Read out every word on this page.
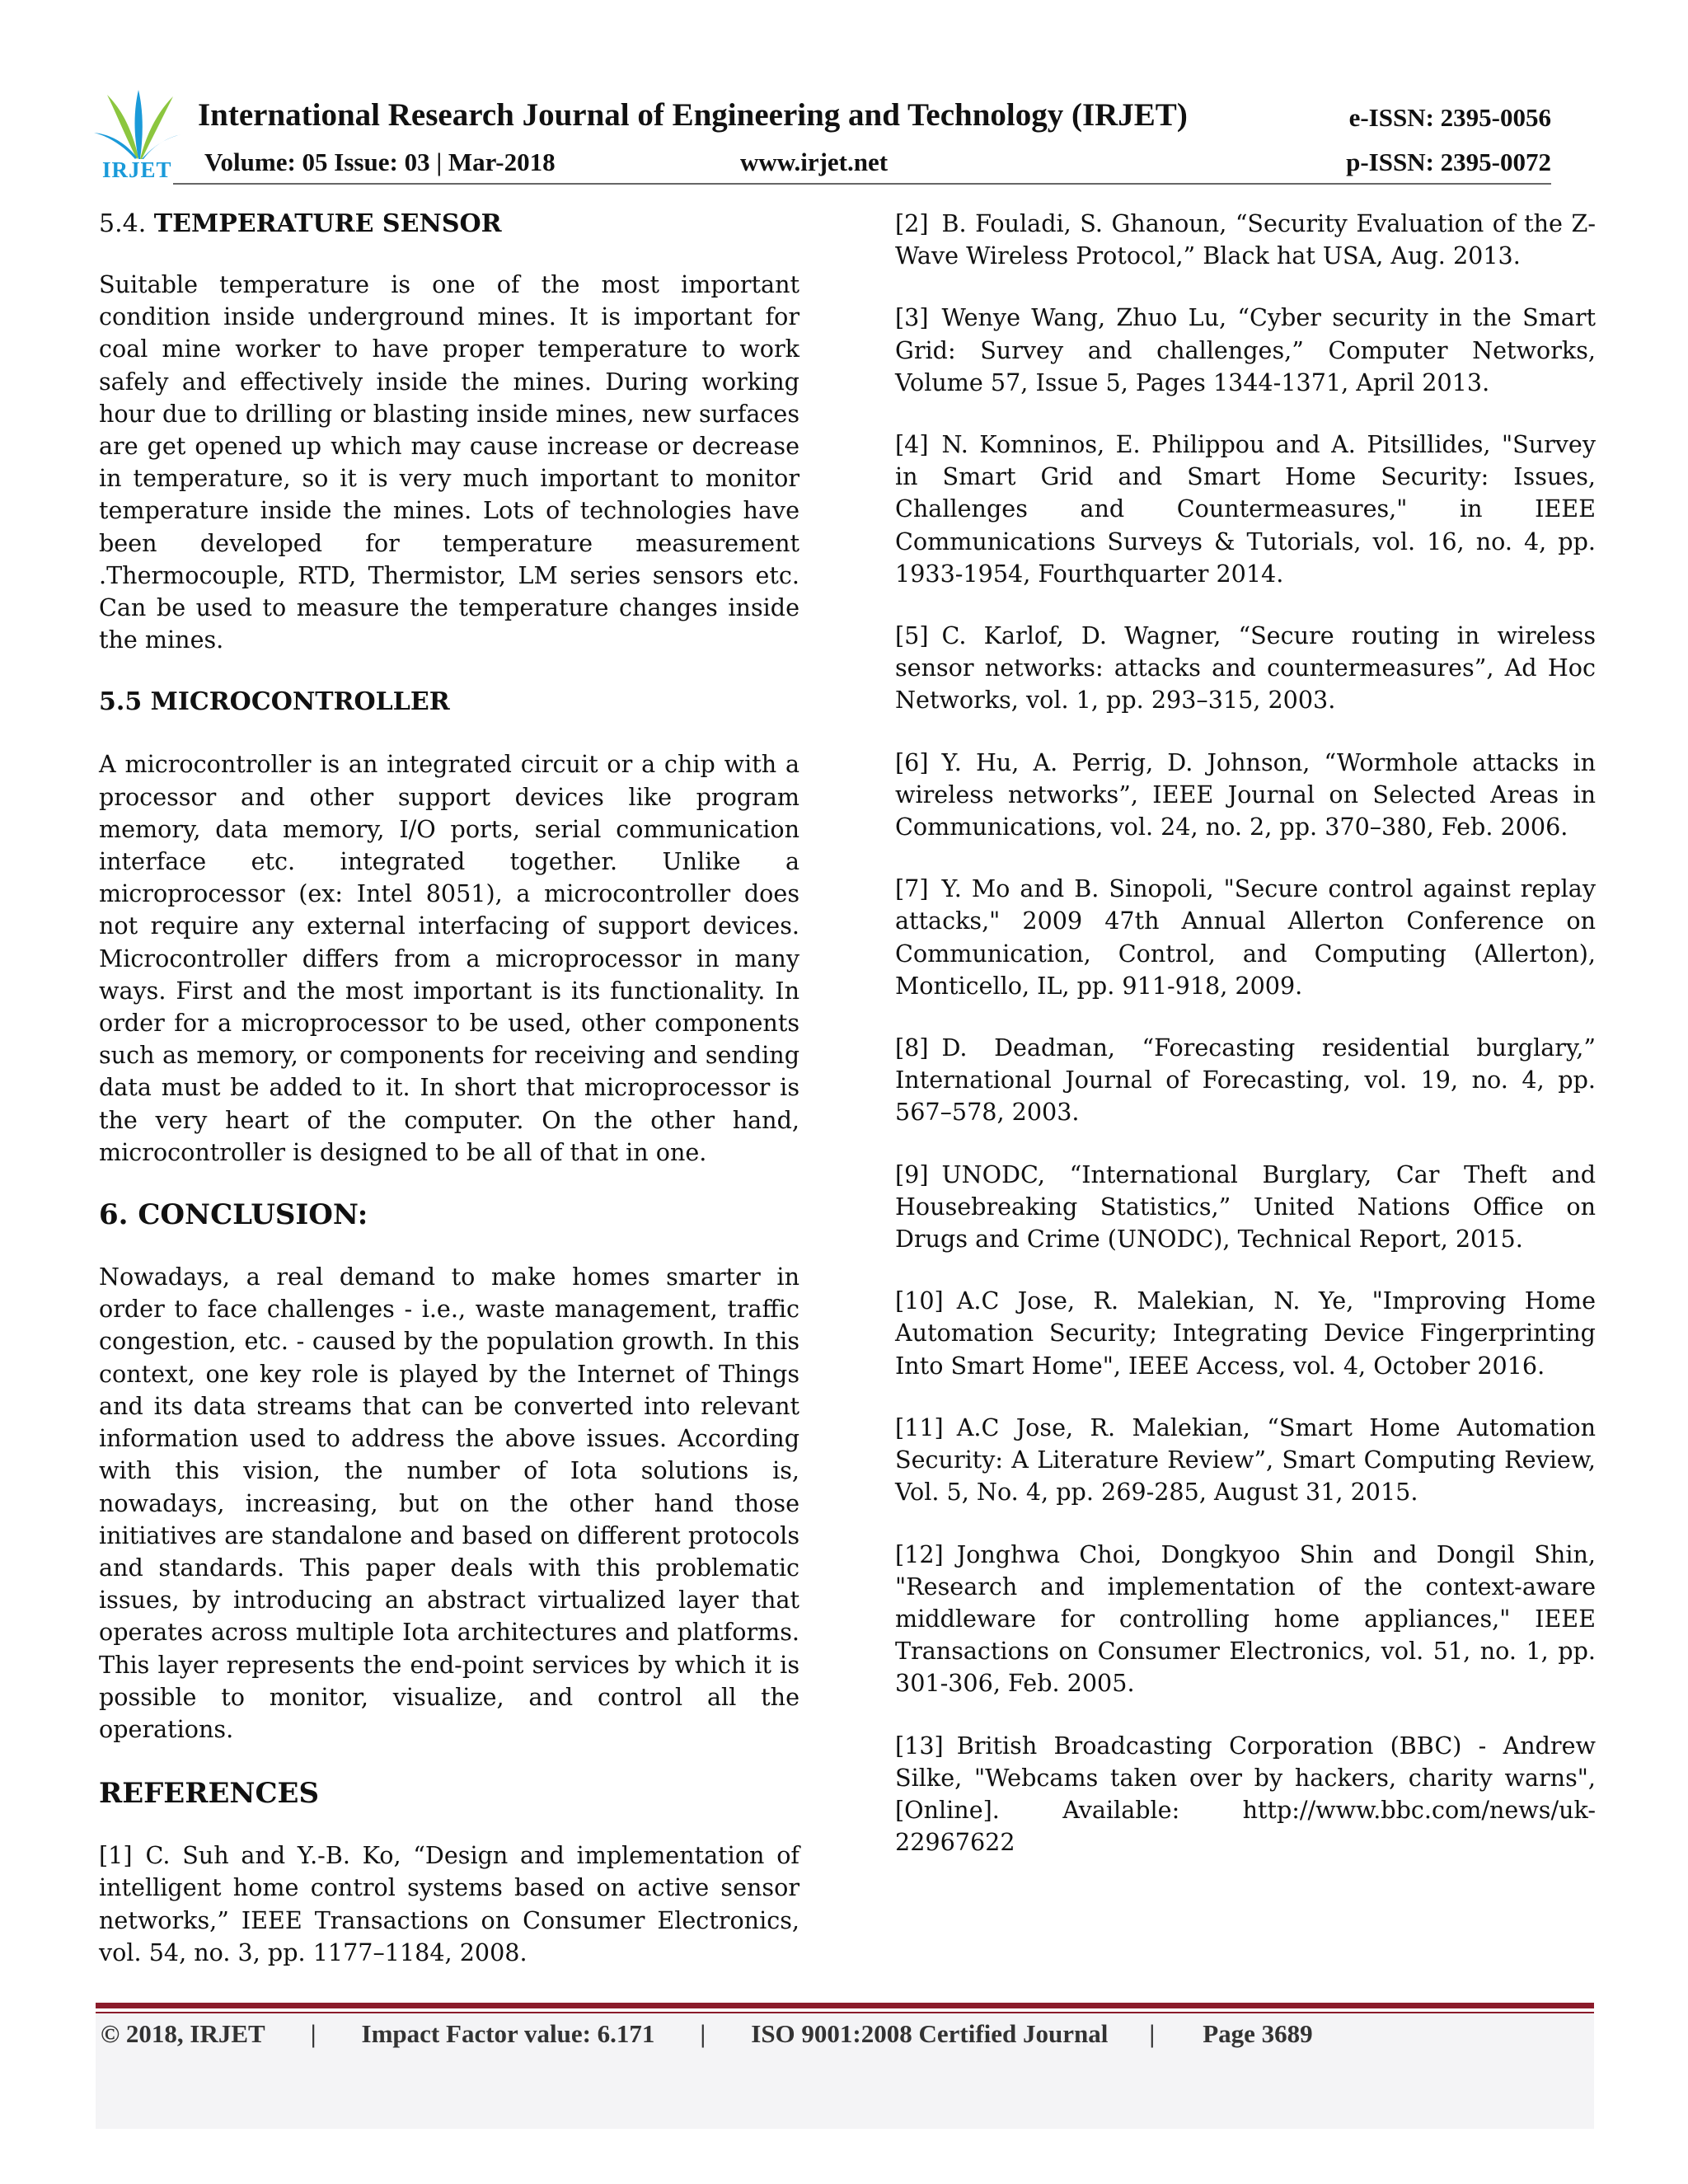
IRJET
International Research Journal of Engineering and Technology (IRJET)	e-ISSN: 2395-0056
Volume: 05 Issue: 03 | Mar-2018	www.irjet.net	p-ISSN: 2395-0072
5.4. TEMPERATURE SENSOR

Suitable temperature is one of the most important condition inside underground mines. It is important for coal mine worker to have proper temperature to work safely and effectively inside the mines. During working hour due to drilling or blasting inside mines, new surfaces are get opened up which may cause increase or decrease in temperature, so it is very much important to monitor temperature inside the mines. Lots of technologies have been developed for temperature measurement .Thermocouple, RTD, Thermistor, LM series sensors etc. Can be used to measure the temperature changes inside the mines.

5.5 MICROCONTROLLER

A microcontroller is an integrated circuit or a chip with a processor and other support devices like program memory, data memory, I/O ports, serial communication interface etc. integrated together. Unlike a microprocessor (ex: Intel 8051), a microcontroller does not require any external interfacing of support devices. Microcontroller differs from a microprocessor in many ways. First and the most important is its functionality. In order for a microprocessor to be used, other components such as memory, or components for receiving and sending data must be added to it. In short that microprocessor is the very heart of the computer. On the other hand, microcontroller is designed to be all of that in one.

6. CONCLUSION:

Nowadays, a real demand to make homes smarter in order to face challenges - i.e., waste management, traffic congestion, etc. - caused by the population growth. In this context, one key role is played by the Internet of Things and its data streams that can be converted into relevant information used to address the above issues. According with this vision, the number of Iota solutions is, nowadays, increasing, but on the other hand those initiatives are standalone and based on different protocols and standards. This paper deals with this problematic issues, by introducing an abstract virtualized layer that operates across multiple Iota architectures and platforms. This layer represents the end-point services by which it is possible to monitor, visualize, and control all the operations.

REFERENCES

[1] C. Suh and Y.-B. Ko, “Design and implementation of intelligent home control systems based on active sensor networks,” IEEE Transactions on Consumer Electronics, vol. 54, no. 3, pp. 1177–1184, 2008.

[2] B. Fouladi, S. Ghanoun, “Security Evaluation of the Z-Wave Wireless Protocol,” Black hat USA, Aug. 2013.

[3] Wenye Wang, Zhuo Lu, “Cyber security in the Smart Grid: Survey and challenges,” Computer Networks, Volume 57, Issue 5, Pages 1344-1371, April 2013.

[4] N. Komninos, E. Philippou and A. Pitsillides, "Survey in Smart Grid and Smart Home Security: Issues, Challenges and Countermeasures," in IEEE Communications Surveys & Tutorials, vol. 16, no. 4, pp. 1933-1954, Fourthquarter 2014.

[5] C. Karlof, D. Wagner, “Secure routing in wireless sensor networks: attacks and countermeasures”, Ad Hoc Networks, vol. 1, pp. 293–315, 2003.

[6] Y. Hu, A. Perrig, D. Johnson, “Wormhole attacks in wireless networks”, IEEE Journal on Selected Areas in Communications, vol. 24, no. 2, pp. 370–380, Feb. 2006.

[7] Y. Mo and B. Sinopoli, "Secure control against replay attacks," 2009 47th Annual Allerton Conference on Communication, Control, and Computing (Allerton), Monticello, IL, pp. 911-918, 2009.

[8] D. Deadman, “Forecasting residential burglary,” International Journal of Forecasting, vol. 19, no. 4, pp. 567–578, 2003.

[9] UNODC, “International Burglary, Car Theft and Housebreaking Statistics,” United Nations Office on Drugs and Crime (UNODC), Technical Report, 2015.

[10] A.C Jose, R. Malekian, N. Ye, "Improving Home Automation Security; Integrating Device Fingerprinting Into Smart Home", IEEE Access, vol. 4, October 2016.

[11] A.C Jose, R. Malekian, “Smart Home Automation Security: A Literature Review”, Smart Computing Review, Vol. 5, No. 4, pp. 269-285, August 31, 2015.

[12] Jonghwa Choi, Dongkyoo Shin and Dongil Shin, "Research and implementation of the context-aware middleware for controlling home appliances," IEEE Transactions on Consumer Electronics, vol. 51, no. 1, pp. 301-306, Feb. 2005.

[13] British Broadcasting Corporation (BBC) - Andrew Silke, "Webcams taken over by hackers, charity warns", [Online]. Available: http://www.bbc.com/news/uk-22967622

© 2018, IRJET | Impact Factor value: 6.171 | ISO 9001:2008 Certified Journal | Page 3689
